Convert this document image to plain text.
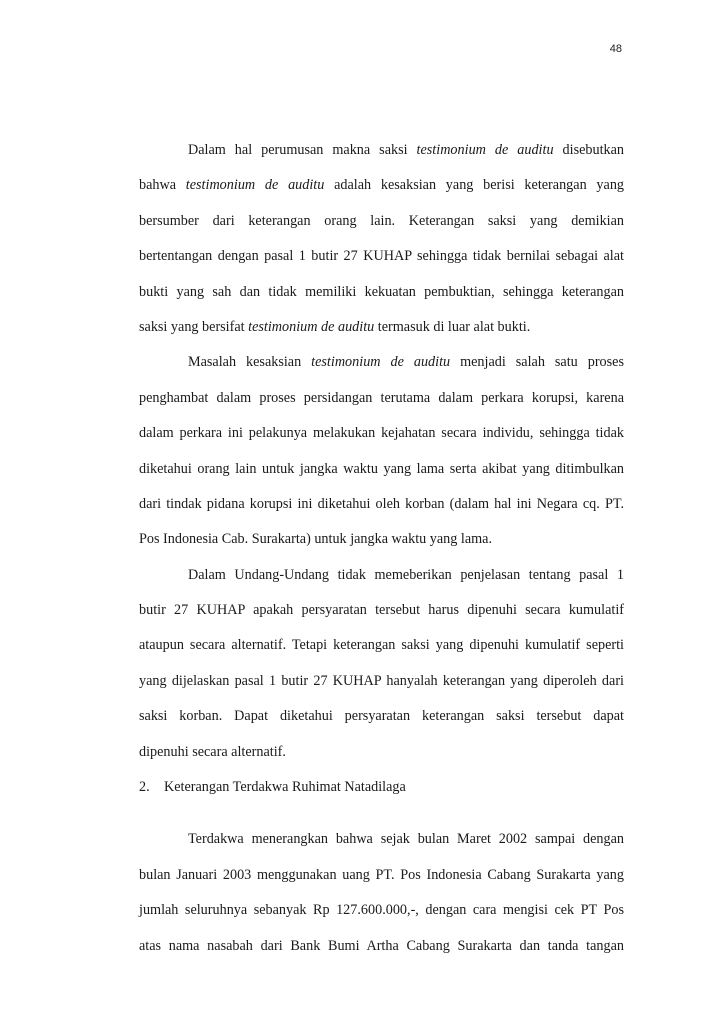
48
Dalam hal perumusan makna saksi testimonium de auditu disebutkan
bahwa testimonium de auditu adalah kesaksian yang berisi keterangan yang
bersumber dari keterangan orang lain. Keterangan saksi yang demikian
bertentangan dengan pasal 1 butir 27 KUHAP sehingga tidak bernilai sebagai alat
bukti yang sah dan tidak memiliki kekuatan pembuktian, sehingga keterangan
saksi yang bersifat testimonium de auditu termasuk di luar alat bukti.
Masalah kesaksian testimonium de auditu menjadi salah satu proses
penghambat dalam proses persidangan terutama dalam perkara korupsi, karena
dalam perkara ini pelakunya melakukan kejahatan secara individu, sehingga tidak
diketahui orang lain untuk jangka waktu yang lama serta akibat yang ditimbulkan
dari tindak pidana korupsi ini diketahui oleh korban (dalam hal ini Negara cq. PT.
Pos Indonesia Cab. Surakarta) untuk jangka waktu yang lama.
Dalam Undang-Undang tidak memeberikan penjelasan tentang pasal 1
butir 27 KUHAP apakah persyaratan tersebut harus dipenuhi secara kumulatif
ataupun secara alternatif. Tetapi keterangan saksi yang dipenuhi kumulatif seperti
yang dijelaskan pasal 1 butir 27 KUHAP hanyalah keterangan yang diperoleh dari
saksi korban. Dapat diketahui persyaratan keterangan saksi tersebut dapat
dipenuhi secara alternatif.
2. Keterangan Terdakwa Ruhimat Natadilaga
Terdakwa menerangkan bahwa sejak bulan Maret 2002 sampai dengan
bulan Januari 2003 menggunakan uang PT. Pos Indonesia Cabang Surakarta yang
jumlah seluruhnya sebanyak Rp 127.600.000,-, dengan cara mengisi cek PT Pos
atas nama nasabah dari Bank Bumi Artha Cabang Surakarta dan tanda tangan
